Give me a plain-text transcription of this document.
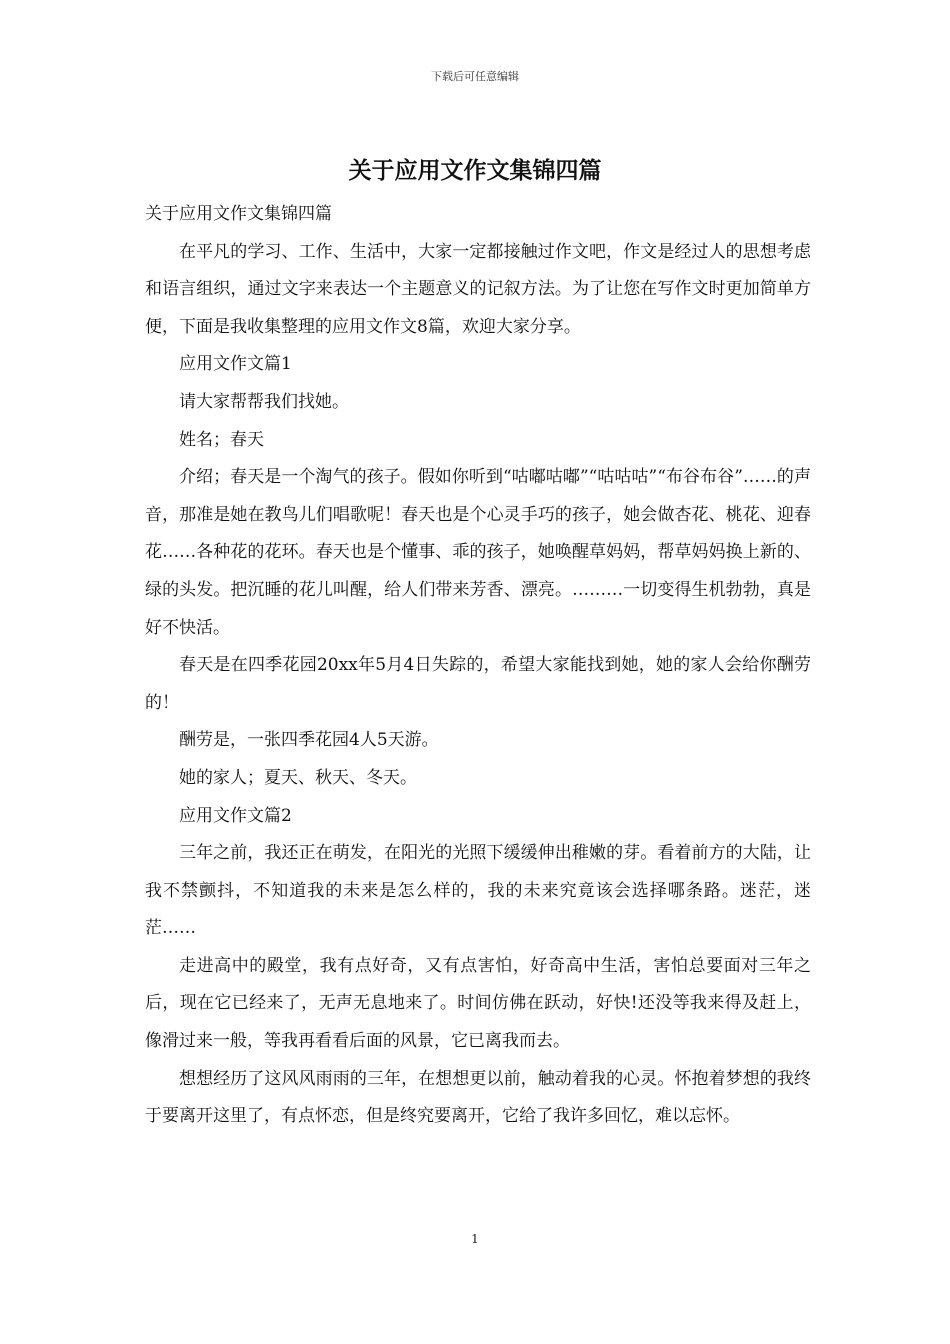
下载后可任意编辑
关于应用文作文集锦四篇

关于应用文作文集锦四篇

在平凡的学习、工作、生活中，大家一定都接触过作文吧，作文是经过人的思想考虑和语言组织，通过文字来表达一个主题意义的记叙方法。为了让您在写作文时更加简单方便，下面是我收集整理的应用文作文8篇，欢迎大家分享。

应用文作文篇1

请大家帮帮我们找她。

姓名；春天

介绍；春天是一个淘气的孩子。假如你听到“咕嘟咕嘟”“咕咕咕”“布谷布谷”……的声音，那准是她在教鸟儿们唱歌呢！春天也是个心灵手巧的孩子，她会做杏花、桃花、迎春花……各种花的花环。春天也是个懂事、乖的孩子，她唤醒草妈妈，帮草妈妈换上新的、绿的头发。把沉睡的花儿叫醒，给人们带来芳香、漂亮。………一切变得生机勃勃，真是好不快活。

春天是在四季花园20xx年5月4日失踪的，希望大家能找到她，她的家人会给你酬劳的！

酬劳是，一张四季花园4人5天游。

她的家人；夏天、秋天、冬天。

应用文作文篇2

三年之前，我还正在萌发，在阳光的光照下缓缓伸出稚嫩的芽。看着前方的大陆，让我不禁颤抖，不知道我的未来是怎么样的，我的未来究竟该会选择哪条路。迷茫，迷茫……

走进高中的殿堂，我有点好奇，又有点害怕，好奇高中生活，害怕总要面对三年之后，现在它已经来了，无声无息地来了。时间仿佛在跃动，好快!还没等我来得及赶上，像滑过来一般，等我再看看后面的风景，它已离我而去。

想想经历了这风风雨雨的三年，在想想更以前，触动着我的心灵。怀抱着梦想的我终于要离开这里了，有点怀恋，但是终究要离开，它给了我许多回忆，难以忘怀。

1
